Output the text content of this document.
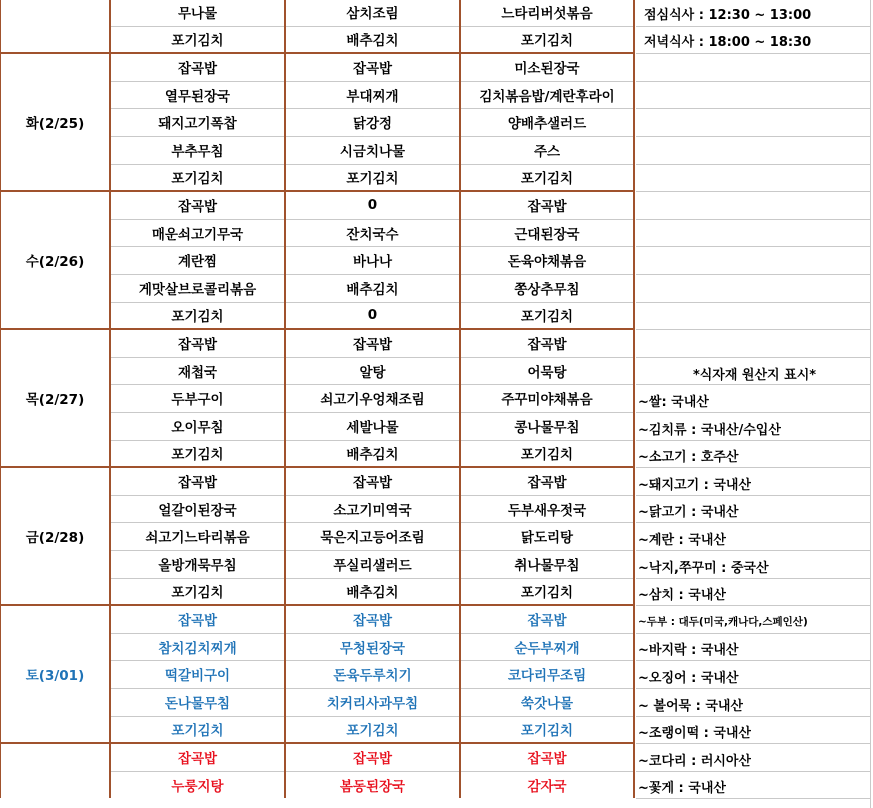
무나물	삼치조림	느타리버섯볶음
포기김치	배추김치	포기김치
화(2/25)
잡곡밥	잡곡밥	미소된장국
열무된장국	부대찌개	김치볶음밥/계란후라이
돼지고기폭찹	닭강정	양배추샐러드
부추무침	시금치나물	주스
포기김치	포기김치	포기김치
수(2/26)
잡곡밥	0	잡곡밥
매운쇠고기무국	잔치국수	근대된장국
계란찜	바나나	돈육야채볶음
게맛살브로콜리볶음	배추김치	쫑상추무침
포기김치	0	포기김치
목(2/27)
잡곡밥	잡곡밥	잡곡밥
재첩국	알탕	어묵탕
두부구이	쇠고기우엉채조림	주꾸미야채볶음
오이무침	세발나물	콩나물무침
포기김치	배추김치	포기김치
금(2/28)
잡곡밥	잡곡밥	잡곡밥
얼갈이된장국	소고기미역국	두부새우젓국
쇠고기느타리볶음	묵은지고등어조림	닭도리탕
올방개묵무침	푸실리샐러드	취나물무침
포기김치	배추김치	포기김치
토(3/01)
잡곡밥	잡곡밥	잡곡밥
참치김치찌개	무청된장국	순두부찌개
떡갈비구이	돈육두루치기	코다리무조림
돈나물무침	치커리사과무침	쑥갓나물
포기김치	포기김치	포기김치
잡곡밥	잡곡밥	잡곡밥
누룽지탕	봄동된장국	감자국
점심식사 : 12:30 ~ 13:00
저녁식사 : 18:00 ~ 18:30
*식자재 원산지 표시*
~쌀: 국내산
~김치류 : 국내산/수입산
~소고기 : 호주산
~돼지고기 : 국내산
~닭고기 : 국내산
~계란 : 국내산
~낙지,쭈꾸미 : 중국산
~삼치 : 국내산
~두부 : 대두(미국,캐나다,스페인산)
~바지락 : 국내산
~오징어 : 국내산
~ 볼어묵 : 국내산
~조랭이떡 : 국내산
~코다리 : 러시아산
~꽃게 : 국내산
